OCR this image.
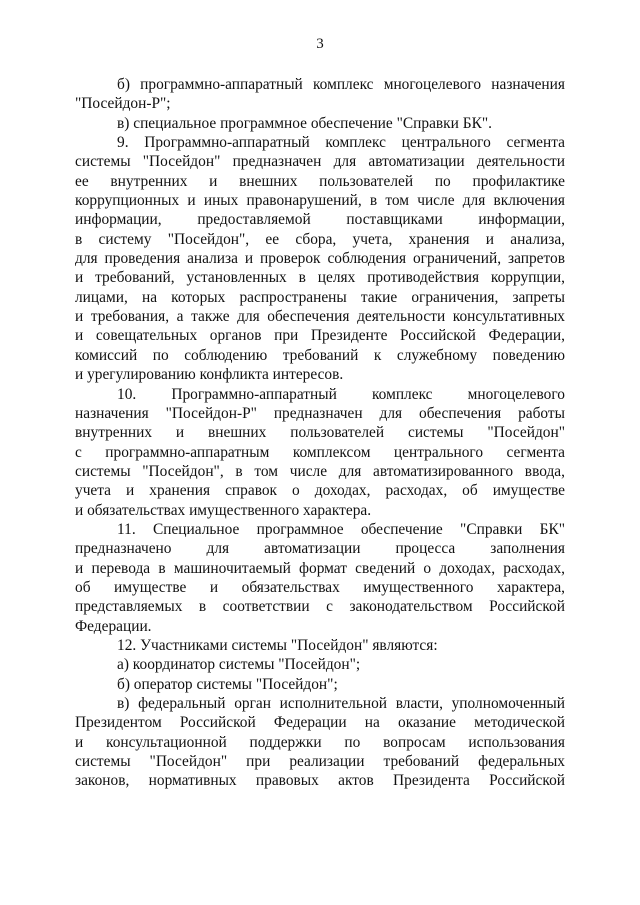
3
б) программно-аппаратный комплекс многоцелевого назначения
"Посейдон-Р";
в) специальное программное обеспечение "Справки БК".
9. Программно-аппаратный комплекс центрального сегмента
системы "Посейдон" предназначен для автоматизации деятельности
ее внутренних и внешних пользователей по профилактике
коррупционных и иных правонарушений, в том числе для включения
информации, предоставляемой поставщиками информации,
в систему "Посейдон", ее сбора, учета, хранения и анализа,
для проведения анализа и проверок соблюдения ограничений, запретов
и требований, установленных в целях противодействия коррупции,
лицами, на которых распространены такие ограничения, запреты
и требования, а также для обеспечения деятельности консультативных
и совещательных органов при Президенте Российской Федерации,
комиссий по соблюдению требований к служебному поведению
и урегулированию конфликта интересов.
10. Программно-аппаратный комплекс многоцелевого
назначения "Посейдон-Р" предназначен для обеспечения работы
внутренних и внешних пользователей системы "Посейдон"
с программно-аппаратным комплексом центрального сегмента
системы "Посейдон", в том числе для автоматизированного ввода,
учета и хранения справок о доходах, расходах, об имуществе
и обязательствах имущественного характера.
11. Специальное программное обеспечение "Справки БК"
предназначено для автоматизации процесса заполнения
и перевода в машиночитаемый формат сведений о доходах, расходах,
об имуществе и обязательствах имущественного характера,
представляемых в соответствии с законодательством Российской
Федерации.
12. Участниками системы "Посейдон" являются:
а) координатор системы "Посейдон";
б) оператор системы "Посейдон";
в) федеральный орган исполнительной власти, уполномоченный
Президентом Российской Федерации на оказание методической
и консультационной поддержки по вопросам использования
системы "Посейдон" при реализации требований федеральных
законов, нормативных правовых актов Президента Российской
